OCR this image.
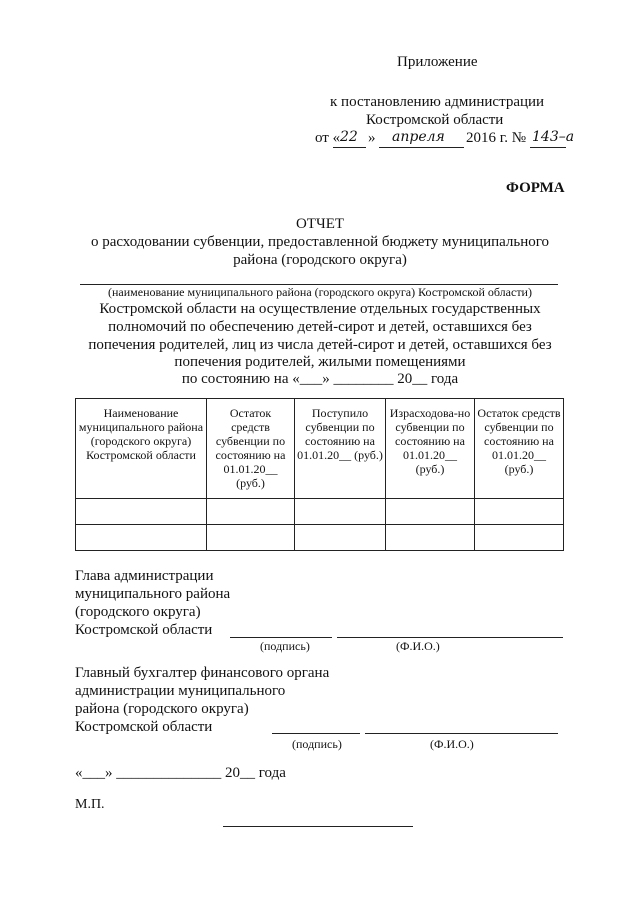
Приложение
к постановлению администрации
Костромской области
от « 22 » апреля 2016 г. № 143–а
ФОРМА
ОТЧЕТ
о расходовании субвенции, предоставленной бюджету муниципального
района (городского округа)
(наименование муниципального района (городского округа) Костромской области)
Костромской области на осуществление отдельных государственных
полномочий по обеспечению детей-сирот и детей, оставшихся без
попечения родителей, лиц из числа детей-сирот и детей, оставшихся без
попечения родителей, жилыми помещениями
по состоянию на «___» ________ 20__ года
Наименование муниципального района (городского округа) Костромской области	Остаток средств субвенции по состоянию на 01.01.20__ (руб.)	Поступило субвенции по состоянию на 01.01.20__ (руб.)	Израсходова-но субвенции по состоянию на 01.01.20__ (руб.)	Остаток средств субвенции по состоянию на 01.01.20__ (руб.)

Глава администрации
муниципального района
(городского округа)
Костромской области
(подпись)	(Ф.И.О.)
Главный бухгалтер финансового органа
администрации муниципального
района (городского округа)
Костромской области
(подпись)	(Ф.И.О.)
«___» ______________ 20__ года
М.П.
